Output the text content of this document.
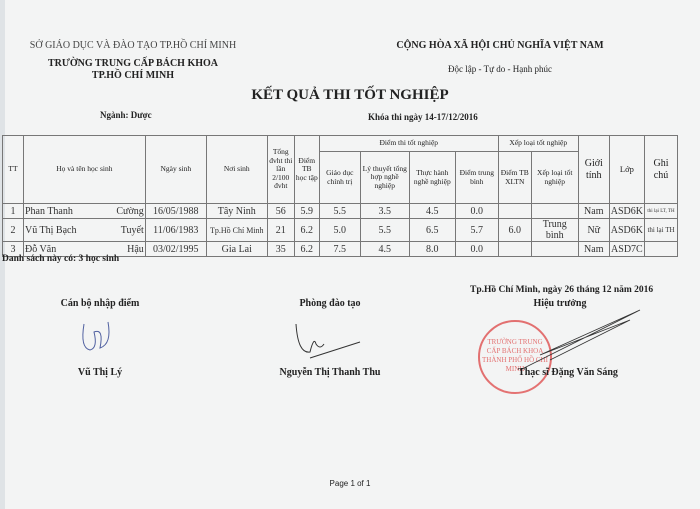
SỞ GIÁO DỤC VÀ ĐÀO TẠO TP.HỒ CHÍ MINH
TRƯỜNG TRUNG CẤP BÁCH KHOA
TP.HỒ CHÍ MINH
CỘNG HÒA XÃ HỘI CHỦ NGHĨA VIỆT NAM
Độc lập - Tự do - Hạnh phúc
KẾT QUẢ THI TỐT NGHIỆP
Ngành: Dược	Khóa thi ngày 14-17/12/2016
TT	Họ và tên học sinh		Ngày sinh	Nơi sinh	Tổng đvht thi lần 2/100 đvht	Điểm TB học tập	Điểm thi tốt nghiệp				Xếp loại tốt nghiệp		Giới tính	Lớp	Ghi chú
							Giáo dục chính trị	Lý thuyết tổng hợp nghề nghiệp	Thực hành nghề nghiệp	Điểm trung bình	Điểm TB XLTN	Xếp loại tốt nghiệp			
1	Phan Thanh	Cường	16/05/1988	Tây Ninh	56	5.9	5.5	3.5	4.5	0.0			Nam	ASD6K	thi lại LT, TH
2	Vũ Thị Bạch	Tuyết	11/06/1983	Tp.Hồ Chí Minh	21	6.2	5.0	5.5	6.5	5.7	6.0	Trung bình	Nữ	ASD6K	thi lại TH
3	Đỗ Văn	Hậu	03/02/1995	Gia Lai	35	6.2	7.5	4.5	8.0	0.0			Nam	ASD7C	
Danh sách này có: 3 học sinh
Tp.Hồ Chí Minh, ngày 26 tháng 12 năm 2016
Hiệu trưởng
Cán bộ nhập điểm	Phòng đào tạo
TRƯỜNG TRUNG CẤP BÁCH KHOA THÀNH PHỐ HỒ CHÍ MINH
Vũ Thị Lý	Nguyễn Thị Thanh Thu	Thạc sĩ Đặng Văn Sáng
Page 1 of 1
